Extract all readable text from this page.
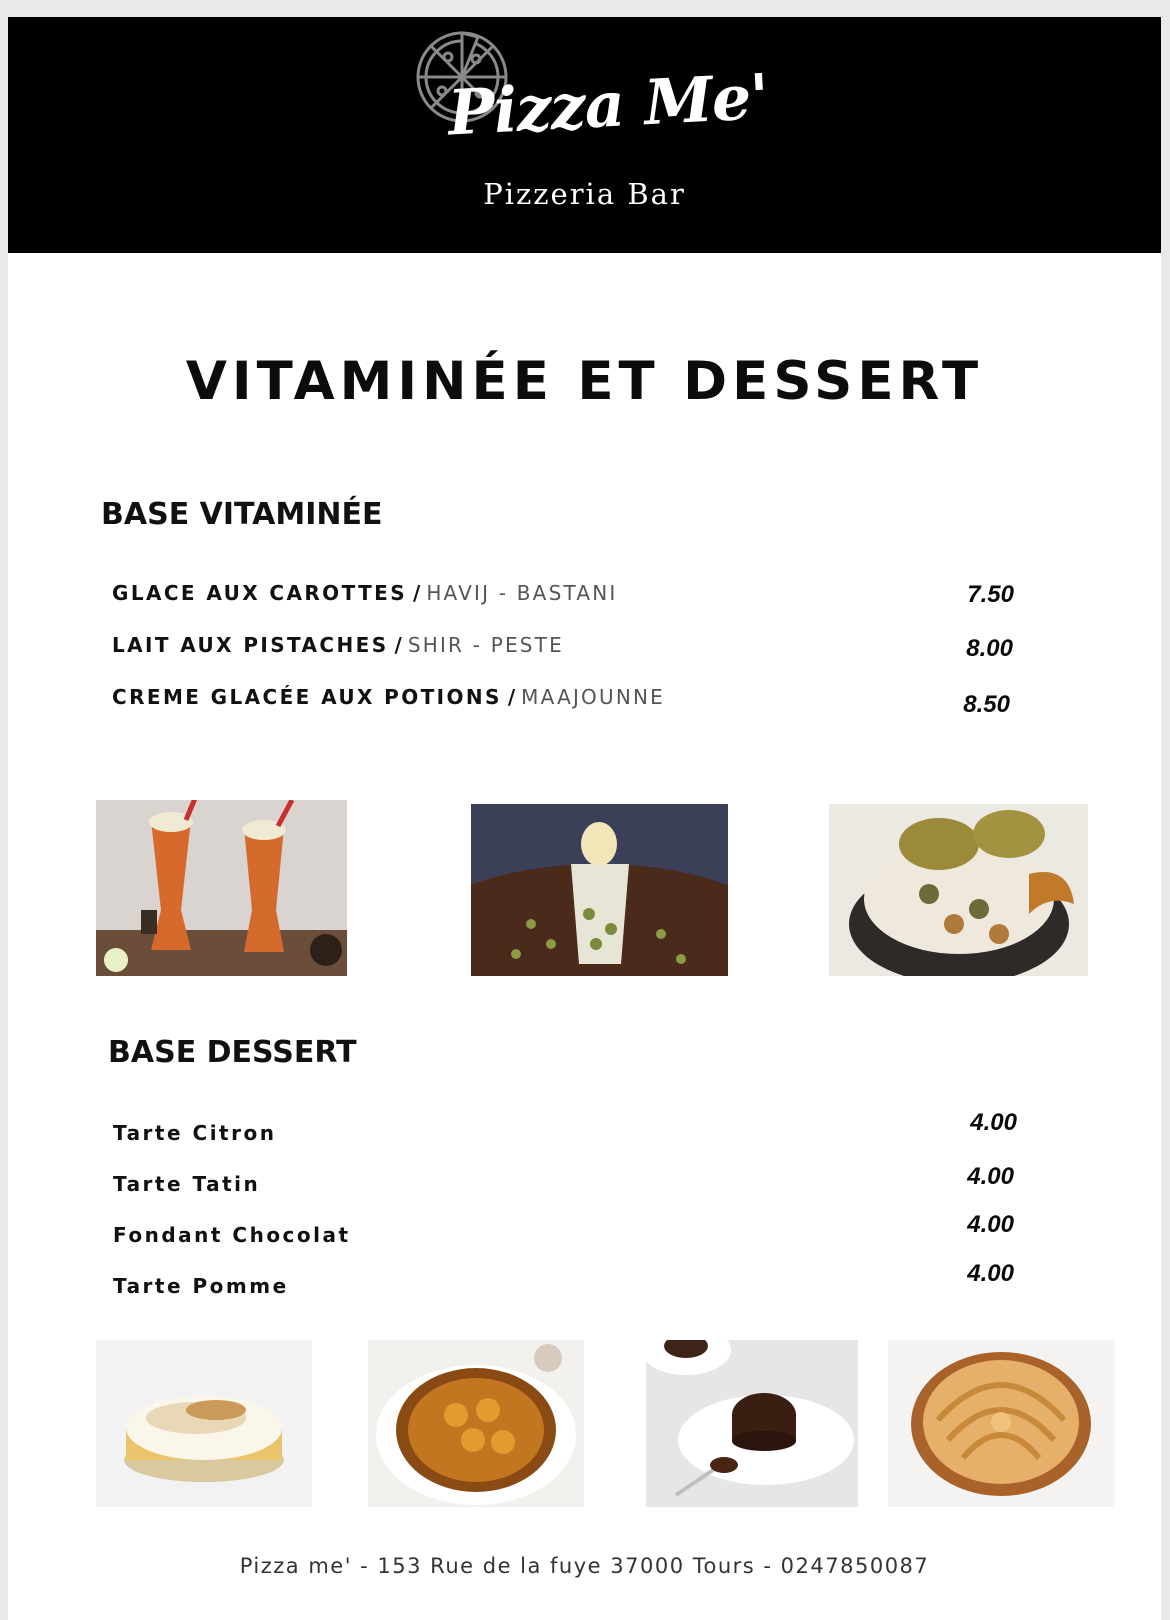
Pizza Me'
Pizzeria Bar
VITAMINÉE ET DESSERT
BASE VITAMINÉE
GLACE AUX CAROTTES / HAVIJ - BASTANI	7.50
LAIT AUX PISTACHES / SHIR - PESTE	8.00
CREME GLACÉE AUX POTIONS / MAAJOUNNE	8.50
BASE DESSERT
Tarte Citron	4.00
Tarte Tatin	4.00
Fondant Chocolat	4.00
Tarte Pomme	4.00
Pizza me' - 153 Rue de la fuye 37000 Tours - 0247850087
